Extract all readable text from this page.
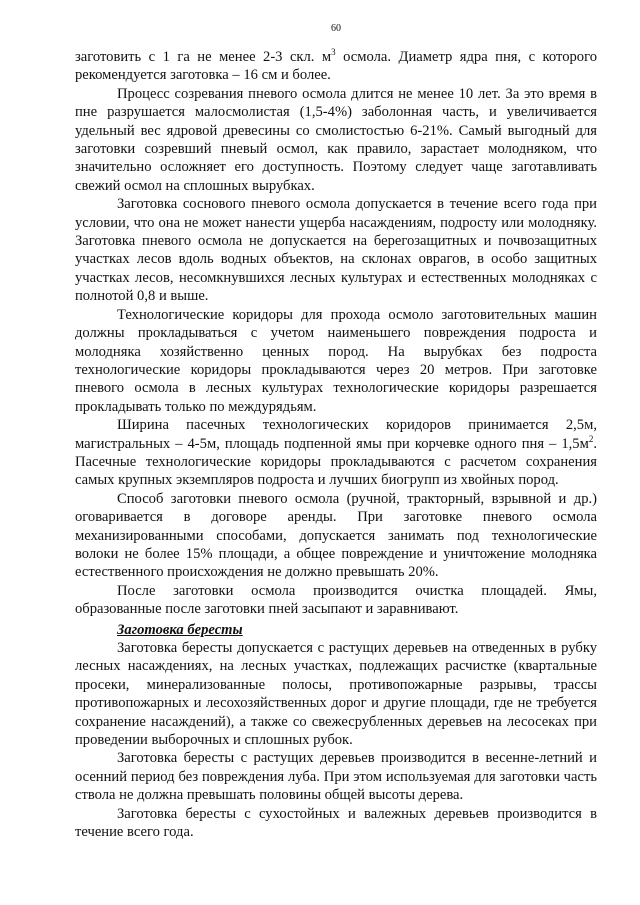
60

заготовить с 1 га не менее 2-3 скл. $м^3$ осмола. Диаметр ядра пня, с которого рекомендуется заготовка – 16 см и более.

Процесс созревания пневого осмола длится не менее 10 лет. За это время в пне разрушается малосмолистая (1,5-4%) заболонная часть, и увеличивается удельный вес ядровой древесины со смолистостью 6-21%. Самый выгодный для заготовки созревший пневый осмол, как правило, зарастает молодняком, что значительно осложняет его доступность. Поэтому следует чаще заготавливать свежий осмол на сплошных вырубках.

Заготовка соснового пневого осмола допускается в течение всего года при условии, что она не может нанести ущерба насаждениям, подросту или молодняку. Заготовка пневого осмола не допускается на берегозащитных и почвозащитных участках лесов вдоль водных объектов, на склонах оврагов, в особо защитных участках лесов, несомкнувшихся лесных культурах и естественных молодняках с полнотой 0,8 и выше.

Технологические коридоры для прохода осмоло заготовительных машин должны прокладываться с учетом наименьшего повреждения подроста и молодняка хозяйственно ценных пород. На вырубках без подроста технологические коридоры прокладываются через 20 метров. При заготовке пневого осмола в лесных культурах технологические коридоры разрешается прокладывать только по междурядьям.

Ширина пасечных технологических коридоров принимается 2,5м, магистральных – 4-5м, площадь подпенной ямы при корчевке одного пня – $1,5м^2$. Пасечные технологические коридоры прокладываются с расчетом сохранения самых крупных экземпляров подроста и лучших биогрупп из хвойных пород.

Способ заготовки пневого осмола (ручной, тракторный, взрывной и др.) оговаривается в договоре аренды. При заготовке пневого осмола механизированными способами, допускается занимать под технологические волоки не более 15% площади, а общее повреждение и уничтожение молодняка естественного происхождения не должно превышать 20%.

После заготовки осмола производится очистка площадей. Ямы, образованные после заготовки пней засыпают и заравнивают.

Заготовка бересты

Заготовка бересты допускается с растущих деревьев на отведенных в рубку лесных насаждениях, на лесных участках, подлежащих расчистке (квартальные просеки, минерализованные полосы, противопожарные разрывы, трассы противопожарных и лесохозяйственных дорог и другие площади, где не требуется сохранение насаждений), а также со свежесрубленных деревьев на лесосеках при проведении выборочных и сплошных рубок.

Заготовка бересты с растущих деревьев производится в весенне-летний и осенний период без повреждения луба. При этом используемая для заготовки часть ствола не должна превышать половины общей высоты дерева.

Заготовка бересты с сухостойных и валежных деревьев производится в течение всего года.
